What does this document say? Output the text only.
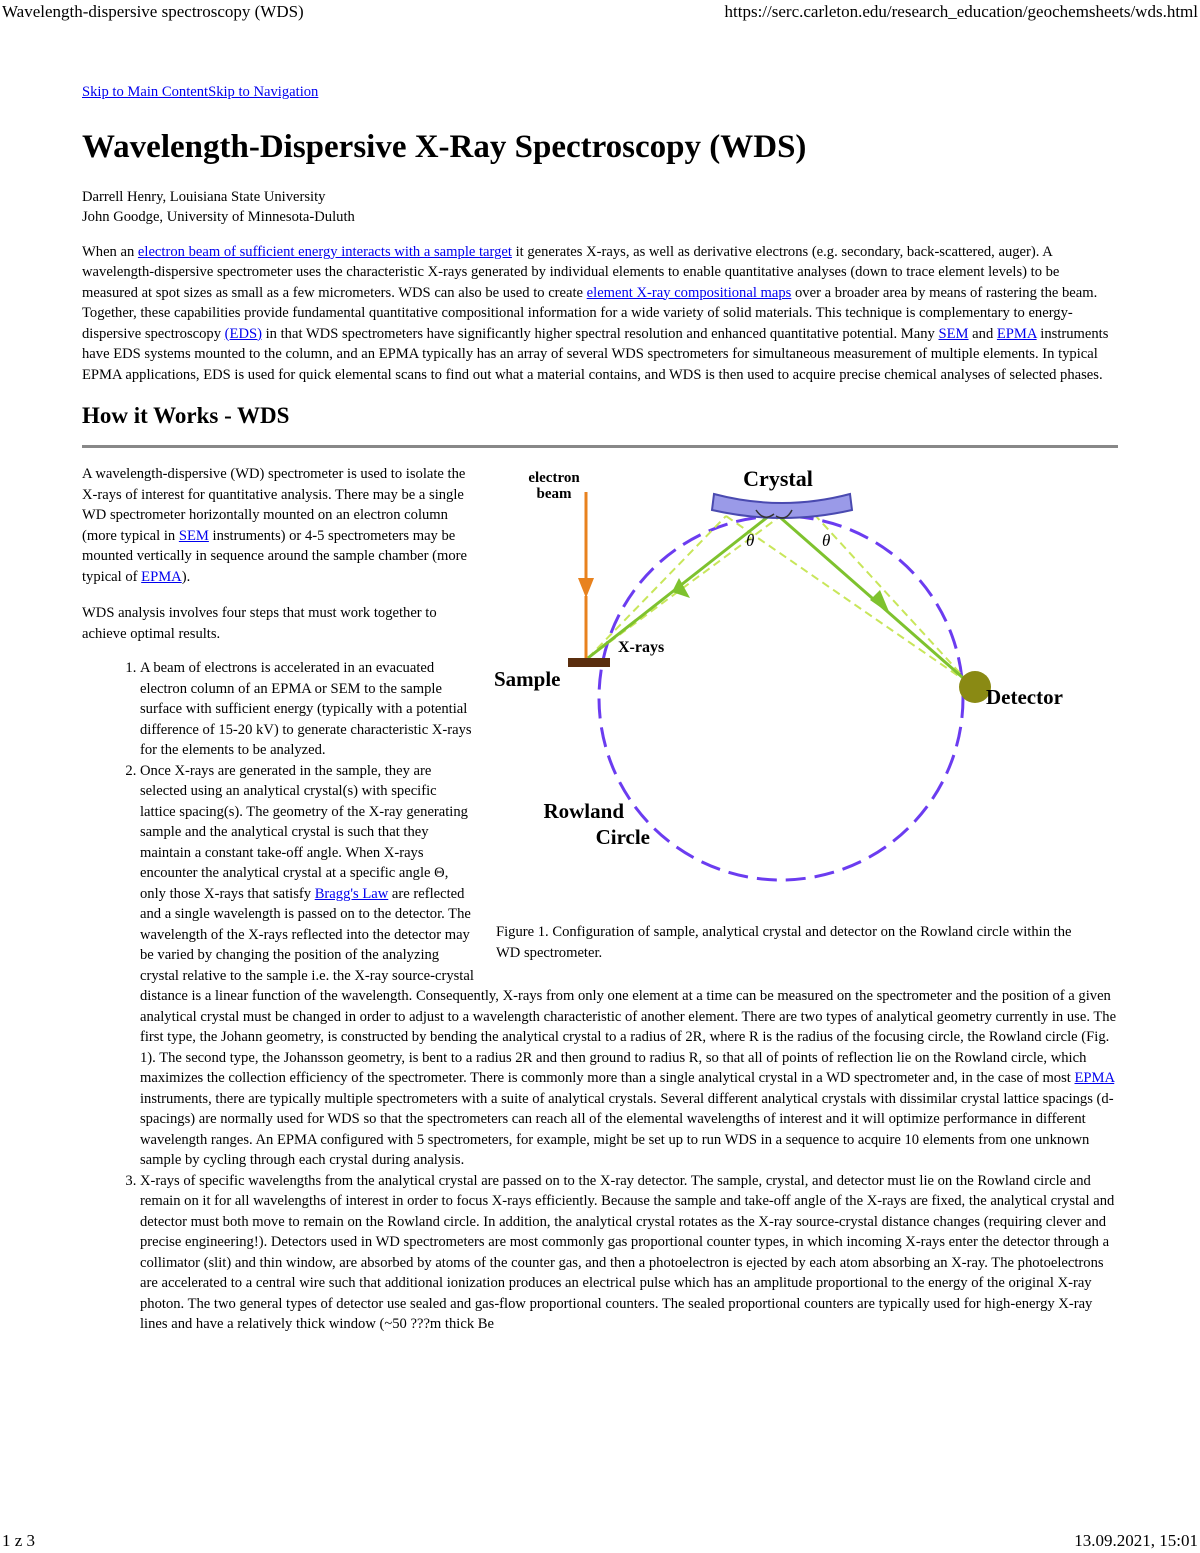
Wavelength-dispersive spectroscopy (WDS)	https://serc.carleton.edu/research_education/geochemsheets/wds.html

Skip to Main ContentSkip to Navigation

Wavelength-Dispersive X-Ray Spectroscopy (WDS)
Darrell Henry, Louisiana State University
John Goodge, University of Minnesota-Duluth

When an electron beam of sufficient energy interacts with a sample target it generates X-rays, as well as derivative electrons (e.g. secondary, back-scattered, auger). A wavelength-dispersive spectrometer uses the characteristic X-rays generated by individual elements to enable quantitative analyses (down to trace element levels) to be measured at spot sizes as small as a few micrometers. WDS can also be used to create element X-ray compositional maps over a broader area by means of rastering the beam. Together, these capabilities provide fundamental quantitative compositional information for a wide variety of solid materials. This technique is complementary to energy-dispersive spectroscopy (EDS) in that WDS spectrometers have significantly higher spectral resolution and enhanced quantitative potential. Many SEM and EPMA instruments have EDS systems mounted to the column, and an EPMA typically has an array of several WDS spectrometers for simultaneous measurement of multiple elements. In typical EPMA applications, EDS is used for quick elemental scans to find out what a material contains, and WDS is then used to acquire precise chemical analyses of selected phases.

How it Works - WDS
electron
beam
Crystal
θ	θ
X-rays
Sample
Detector
Rowland
Circle
Figure 1. Configuration of sample, analytical crystal and detector on the Rowland circle within the WD spectrometer.

A wavelength-dispersive (WD) spectrometer is used to isolate the X-rays of interest for quantitative analysis. There may be a single WD spectrometer horizontally mounted on an electron column (more typical in SEM instruments) or 4-5 spectrometers may be mounted vertically in sequence around the sample chamber (more typical of EPMA).

WDS analysis involves four steps that must work together to achieve optimal results.

1. A beam of electrons is accelerated in an evacuated electron column of an EPMA or SEM to the sample surface with sufficient energy (typically with a potential difference of 15-20 kV) to generate characteristic X-rays for the elements to be analyzed.
2. Once X-rays are generated in the sample, they are selected using an analytical crystal(s) with specific lattice spacing(s). The geometry of the X-ray generating sample and the analytical crystal is such that they maintain a constant take-off angle. When X-rays encounter the analytical crystal at a specific angle Θ, only those X-rays that satisfy Bragg's Law are reflected and a single wavelength is passed on to the detector. The wavelength of the X-rays reflected into the detector may be varied by changing the position of the analyzing crystal relative to the sample i.e. the X-ray source-crystal distance is a linear function of the wavelength. Consequently, X-rays from only one element at a time can be measured on the spectrometer and the position of a given analytical crystal must be changed in order to adjust to a wavelength characteristic of another element. There are two types of analytical geometry currently in use. The first type, the Johann geometry, is constructed by bending the analytical crystal to a radius of 2R, where R is the radius of the focusing circle, the Rowland circle (Fig. 1). The second type, the Johansson geometry, is bent to a radius 2R and then ground to radius R, so that all of points of reflection lie on the Rowland circle, which maximizes the collection efficiency of the spectrometer. There is commonly more than a single analytical crystal in a WD spectrometer and, in the case of most EPMA instruments, there are typically multiple spectrometers with a suite of analytical crystals. Several different analytical crystals with dissimilar crystal lattice spacings (d-spacings) are normally used for WDS so that the spectrometers can reach all of the elemental wavelengths of interest and it will optimize performance in different wavelength ranges. An EPMA configured with 5 spectrometers, for example, might be set up to run WDS in a sequence to acquire 10 elements from one unknown sample by cycling through each crystal during analysis.
3. X-rays of specific wavelengths from the analytical crystal are passed on to the X-ray detector. The sample, crystal, and detector must lie on the Rowland circle and remain on it for all wavelengths of interest in order to focus X-rays efficiently. Because the sample and take-off angle of the X-rays are fixed, the analytical crystal and detector must both move to remain on the Rowland circle. In addition, the analytical crystal rotates as the X-ray source-crystal distance changes (requiring clever and precise engineering!). Detectors used in WD spectrometers are most commonly gas proportional counter types, in which incoming X-rays enter the detector through a collimator (slit) and thin window, are absorbed by atoms of the counter gas, and then a photoelectron is ejected by each atom absorbing an X-ray. The photoelectrons are accelerated to a central wire such that additional ionization produces an electrical pulse which has an amplitude proportional to the energy of the original X-ray photon. The two general types of detector use sealed and gas-flow proportional counters. The sealed proportional counters are typically used for high-energy X-ray lines and have a relatively thick window (~50 ???m thick Be
1 z 3	13.09.2021, 15:01
